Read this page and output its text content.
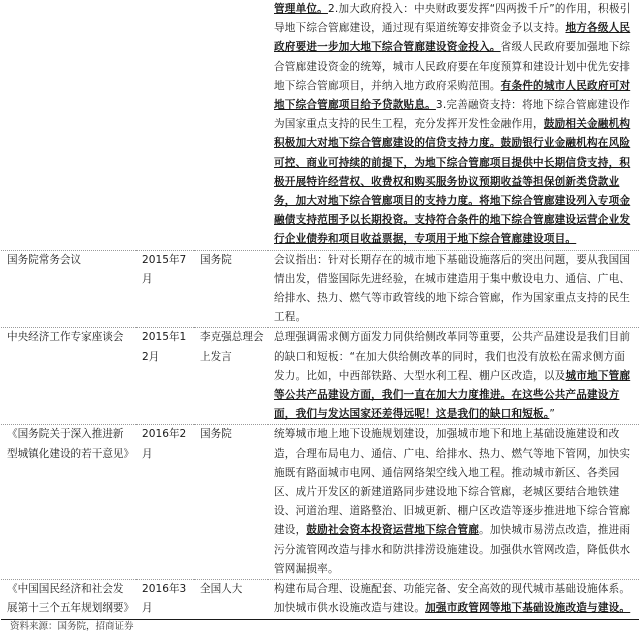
			管理单位。2.加大政府投入：中央财政要发挥“四两拨千斤”的作用，积极引导地下综合管廊建设，通过现有渠道统筹安排资金予以支持。地方各级人民政府要进一步加大地下综合管廊建设资金投入。省级人民政府要加强地下综合管廊建设资金的统筹，城市人民政府要在年度预算和建设计划中优先安排地下综合管廊项目，并纳入地方政府采购范围。有条件的城市人民政府可对地下综合管廊项目给予贷款贴息。3.完善融资支持：将地下综合管廊建设作为国家重点支持的民生工程，充分发挥开发性金融作用，鼓励相关金融机构积极加大对地下综合管廊建设的信贷支持力度。鼓励银行业金融机构在风险可控、商业可持续的前提下，为地下综合管廊项目提供中长期信贷支持，积极开展特许经营权、收费权和购买服务协议预期收益等担保创新类贷款业务，加大对地下综合管廊项目的支持力度。将地下综合管廊建设列入专项金融债支持范围予以长期投资。支持符合条件的地下综合管廊建设运营企业发行企业债券和项目收益票据，专项用于地下综合管廊建设项目。
国务院常务会议	2015年7月	国务院	会议指出：针对长期存在的城市地下基础设施落后的突出问题，要从我国国情出发，借鉴国际先进经验，在城市建造用于集中敷设电力、通信、广电、给排水、热力、燃气等市政管线的地下综合管廊，作为国家重点支持的民生工程。
中央经济工作专家座谈会	2015年12月	李克强总理会上发言	总理强调需求侧方面发力同供给侧改革同等重要，公共产品建设是我们目前的缺口和短板：“在加大供给侧改革的同时，我们也没有放松在需求侧方面发力。比如，中西部铁路、大型水利工程、棚户区改造，以及城市地下管廊等公共产品建设方面，我们一直在加大力度推进。在这些公共产品建设方面，我们与发达国家还差得远呢！这是我们的缺口和短板。”
《国务院关于深入推进新型城镇化建设的若干意见》	2016年2月	国务院	统筹城市地上地下设施规划建设，加强城市地下和地上基础设施建设和改造，合理布局电力、通信、广电、给排水、热力、燃气等地下管网，加快实施既有路面城市电网、通信网络架空线入地工程。推动城市新区、各类园区、成片开发区的新建道路同步建设地下综合管廊，老城区要结合地铁建设、河道治理、道路整治、旧城更新、棚户区改造等逐步推进地下综合管廊建设，鼓励社会资本投资运营地下综合管廊。加快城市易涝点改造，推进雨污分流管网改造与排水和防洪排涝设施建设。加强供水管网改造，降低供水管网漏损率。
《中国国民经济和社会发展第十三个五年规划纲要》	2016年3月	全国人大	构建布局合理、设施配套、功能完备、安全高效的现代城市基础设施体系。加快城市供水设施改造与建设。加强市政管网等地下基础设施改造与建设。
资料来源：国务院，招商证券
